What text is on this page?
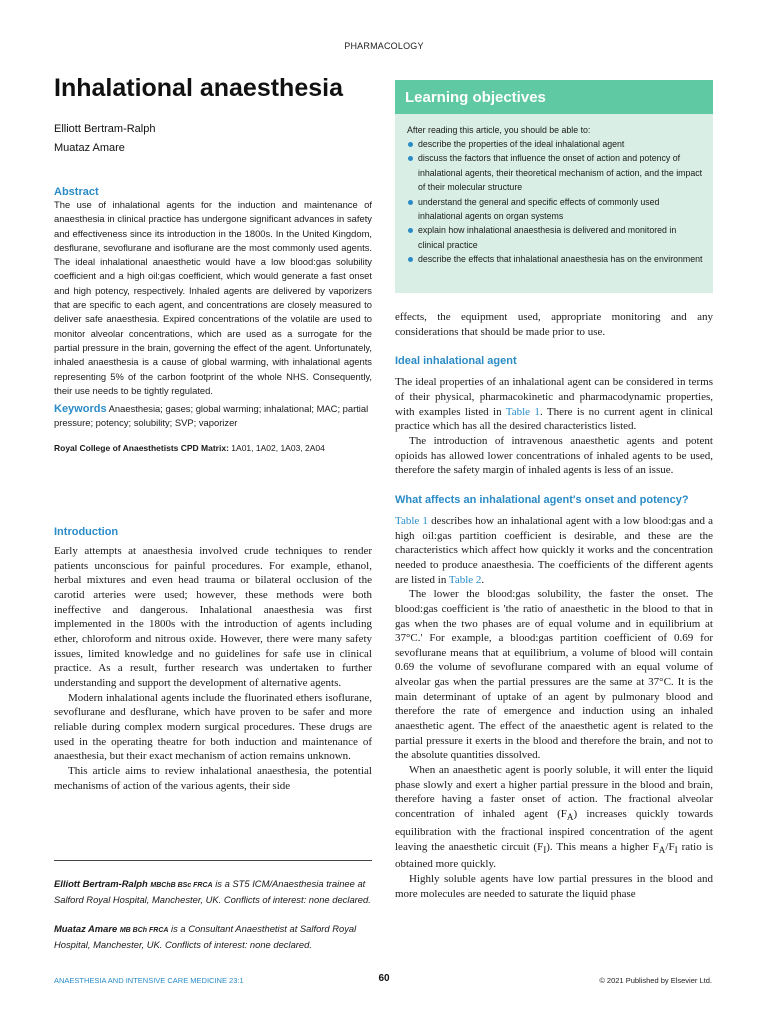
PHARMACOLOGY
Inhalational anaesthesia
Elliott Bertram-Ralph
Muataz Amare
Abstract

The use of inhalational agents for the induction and maintenance of anaesthesia in clinical practice has undergone significant advances in safety and effectiveness since its introduction in the 1800s. In the United Kingdom, desflurane, sevoflurane and isoflurane are the most commonly used agents. The ideal inhalational anaesthetic would have a low blood:gas solubility coefficient and a high oil:gas coefficient, which would generate a fast onset and high potency, respectively. Inhaled agents are delivered by vaporizers that are specific to each agent, and concentrations are closely measured to deliver safe anaesthesia. Expired concentrations of the volatile are used to monitor alveolar concentrations, which are used as a surrogate for the partial pressure in the brain, governing the effect of the agent. Unfortunately, inhaled anaesthesia is a cause of global warming, with inhalational agents representing 5% of the carbon footprint of the whole NHS. Consequently, their use needs to be tightly regulated.

Keywords Anaesthesia; gases; global warming; inhalational; MAC; partial pressure; potency; solubility; SVP; vaporizer

Royal College of Anaesthetists CPD Matrix: 1A01, 1A02, 1A03, 2A04

Learning objectives
After reading this article, you should be able to:
describe the properties of the ideal inhalational agent
discuss the factors that influence the onset of action and potency of inhalational agents, their theoretical mechanism of action, and the impact of their molecular structure
understand the general and specific effects of commonly used inhalational agents on organ systems
explain how inhalational anaesthesia is delivered and monitored in clinical practice
describe the effects that inhalational anaesthesia has on the environment
Introduction

Early attempts at anaesthesia involved crude techniques to render patients unconscious for painful procedures. For example, ethanol, herbal mixtures and even head trauma or bilateral occlusion of the carotid arteries were used; however, these methods were both ineffective and dangerous. Inhalational anaesthesia was first implemented in the 1800s with the introduction of agents including ether, chloroform and nitrous oxide. However, there were many safety issues, limited knowledge and no guidelines for safe use in clinical practice. As a result, further research was undertaken to further understanding and support the development of alternative agents.

Modern inhalational agents include the fluorinated ethers isoflurane, sevoflurane and desflurane, which have proven to be safer and more reliable during complex modern surgical procedures. These drugs are used in the operating theatre for both induction and maintenance of anaesthesia, but their exact mechanism of action remains unknown.

This article aims to review inhalational anaesthesia, the potential mechanisms of action of the various agents, their side

effects, the equipment used, appropriate monitoring and any considerations that should be made prior to use.

Ideal inhalational agent

The ideal properties of an inhalational agent can be considered in terms of their physical, pharmacokinetic and pharmacodynamic properties, with examples listed in Table 1. There is no current agent in clinical practice which has all the desired characteristics listed.

The introduction of intravenous anaesthetic agents and potent opioids has allowed lower concentrations of inhaled agents to be used, therefore the safety margin of inhaled agents is less of an issue.

What affects an inhalational agent's onset and potency?

Table 1 describes how an inhalational agent with a low blood:gas and a high oil:gas partition coefficient is desirable, and these are the characteristics which affect how quickly it works and the concentration needed to produce anaesthesia. The coefficients of the different agents are listed in Table 2.

The lower the blood:gas solubility, the faster the onset. The blood:gas coefficient is 'the ratio of anaesthetic in the blood to that in gas when the two phases are of equal volume and in equilibrium at 37°C.' For example, a blood:gas partition coefficient of 0.69 for sevoflurane means that at equilibrium, a volume of blood will contain 0.69 the volume of sevoflurane compared with an equal volume of alveolar gas when the partial pressures are the same at 37°C. It is the main determinant of uptake of an agent by pulmonary blood and therefore the rate of emergence and induction using an inhaled anaesthetic agent. The effect of the anaesthetic agent is related to the partial pressure it exerts in the blood and therefore the brain, and not to the absolute quantities dissolved.

When an anaesthetic agent is poorly soluble, it will enter the liquid phase slowly and exert a higher partial pressure in the blood and brain, therefore having a faster onset of action. The fractional alveolar concentration of inhaled agent $(F_A)$ increases quickly towards equilibration with the fractional inspired concentration of the agent leaving the anaesthetic circuit $(F_I)$. This means a higher $F_A/F_I$ ratio is obtained more quickly.

Highly soluble agents have low partial pressures in the blood and more molecules are needed to saturate the liquid phase

Elliott Bertram-Ralph MBChB BSc FRCA is a ST5 ICM/Anaesthesia trainee at Salford Royal Hospital, Manchester, UK. Conflicts of interest: none declared.
Muataz Amare MB BCh FRCA is a Consultant Anaesthetist at Salford Royal Hospital, Manchester, UK. Conflicts of interest: none declared.
ANAESTHESIA AND INTENSIVE CARE MEDICINE 23:1	60	© 2021 Published by Elsevier Ltd.
